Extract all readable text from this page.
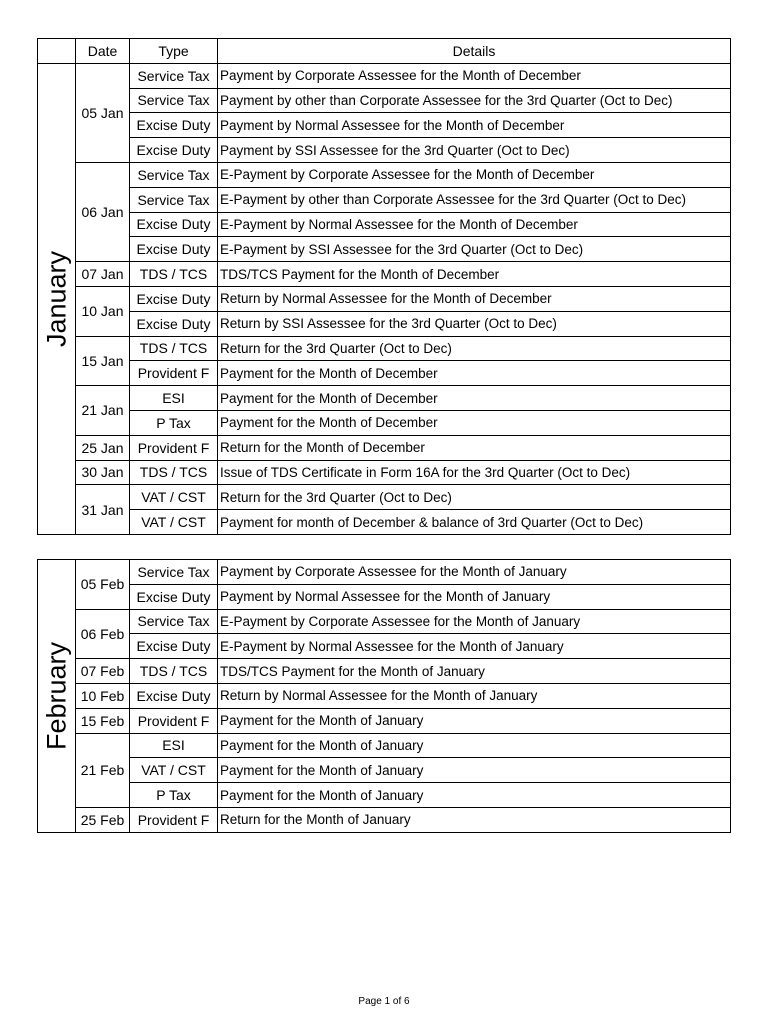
	Date	Type	Details

January	05 Jan	Service Tax	Payment by Corporate Assessee for the Month of December
		Service Tax	Payment by other than Corporate Assessee for the 3rd Quarter (Oct to Dec)
		Excise Duty	Payment by Normal Assessee for the Month of December
		Excise Duty	Payment by SSI Assessee for the 3rd Quarter (Oct to Dec)
	06 Jan	Service Tax	E-Payment by Corporate Assessee for the Month of December
		Service Tax	E-Payment by other than Corporate Assessee for the 3rd Quarter (Oct to Dec)
		Excise Duty	E-Payment by Normal Assessee for the Month of December
		Excise Duty	E-Payment by SSI Assessee for the 3rd Quarter (Oct to Dec)
	07 Jan	TDS / TCS	TDS/TCS Payment for the Month of December
	10 Jan	Excise Duty	Return by Normal Assessee for the Month of December
		Excise Duty	Return by SSI Assessee for the 3rd Quarter (Oct to Dec)
	15 Jan	TDS / TCS	Return for the 3rd Quarter (Oct to Dec)
		Provident F	Payment for the Month of December
	21 Jan	ESI	Payment for the Month of December
		P Tax	Payment for the Month of December
	25 Jan	Provident F	Return for the Month of December
	30 Jan	TDS / TCS	Issue of TDS Certificate in Form 16A for the 3rd Quarter (Oct to Dec)
	31 Jan	VAT / CST	Return for the 3rd Quarter (Oct to Dec)
		VAT / CST	Payment for month of December & balance of 3rd Quarter (Oct to Dec)
February	05 Feb	Service Tax	Payment by Corporate Assessee for the Month of January
		Excise Duty	Payment by Normal Assessee for the Month of January
	06 Feb	Service Tax	E-Payment by Corporate Assessee for the Month of January
		Excise Duty	E-Payment by Normal Assessee for the Month of January
	07 Feb	TDS / TCS	TDS/TCS Payment for the Month of January
	10 Feb	Excise Duty	Return by Normal Assessee for the Month of January
	15 Feb	Provident F	Payment for the Month of January
	21 Feb	ESI	Payment for the Month of January
		VAT / CST	Payment for the Month of January
		P Tax	Payment for the Month of January
	25 Feb	Provident F	Return for the Month of January
Page 1 of 6
